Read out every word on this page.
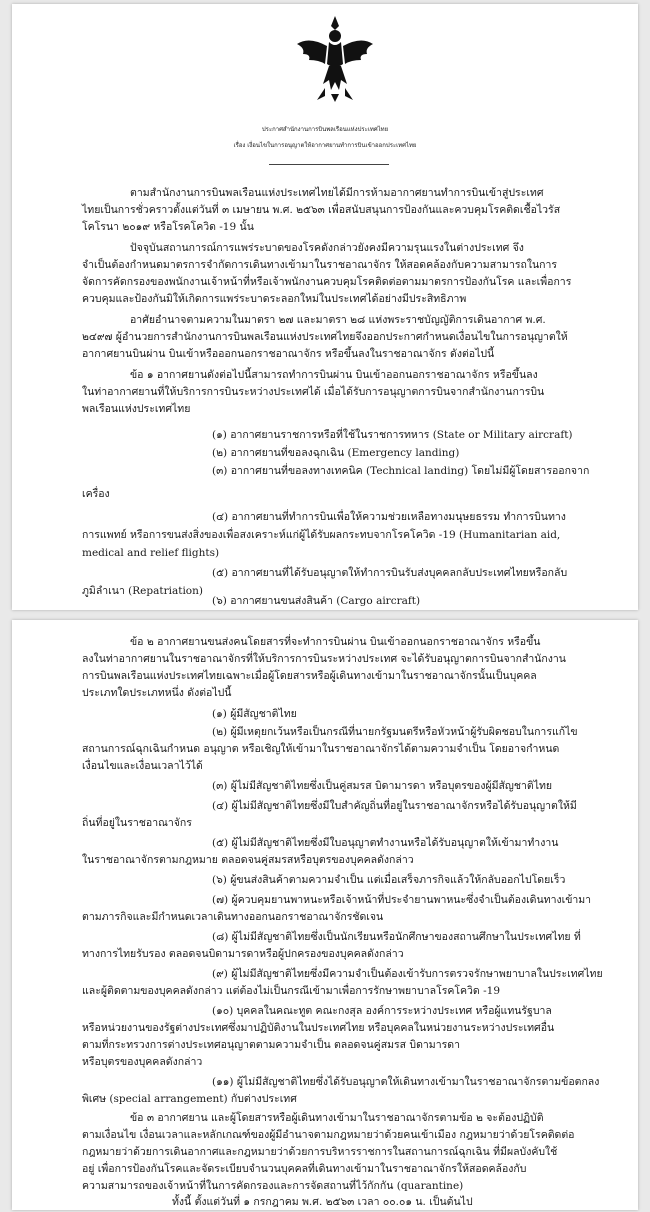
ประกาศสำนักงานการบินพลเรือนแห่งประเทศไทย
เรื่อง เงื่อนไขในการอนุญาตให้อากาศยานทำการบินเข้าออกประเทศไทย
ตามสำนักงานการบินพลเรือนแห่งประเทศไทยได้มีการห้ามอากาศยานทำการบินเข้าสู่ประเทศ
ไทยเป็นการชั่วคราวตั้งแต่วันที่ ๓ เมษายน พ.ศ. ๒๕๖๓ เพื่อสนับสนุนการป้องกันและควบคุมโรคติดเชื้อไวรัส
โคโรนา ๒๐๑๙ หรือโรคโควิด -19 นั้น
ปัจจุบันสถานการณ์การแพร่ระบาดของโรคดังกล่าวยังคงมีความรุนแรงในต่างประเทศ จึง
จำเป็นต้องกำหนดมาตรการจำกัดการเดินทางเข้ามาในราชอาณาจักร ให้สอดคล้องกับความสามารถในการ
จัดการคัดกรองของพนักงานเจ้าหน้าที่หรือเจ้าพนักงานควบคุมโรคติดต่อตามมาตรการป้องกันโรค และเพื่อการ
ควบคุมและป้องกันมิให้เกิดการแพร่ระบาดระลอกใหม่ในประเทศได้อย่างมีประสิทธิภาพ
อาศัยอำนาจตามความในมาตรา ๒๗ และมาตรา ๒๘ แห่งพระราชบัญญัติการเดินอากาศ พ.ศ.
๒๔๙๗ ผู้อำนวยการสำนักงานการบินพลเรือนแห่งประเทศไทยจึงออกประกาศกำหนดเงื่อนไขในการอนุญาตให้
อากาศยานบินผ่าน บินเข้าหรือออกนอกราชอาณาจักร หรือขึ้นลงในราชอาณาจักร ดังต่อไปนี้
ข้อ ๑ อากาศยานดังต่อไปนี้สามารถทำการบินผ่าน บินเข้าออกนอกราชอาณาจักร หรือขึ้นลง
ในท่าอากาศยานที่ให้บริการการบินระหว่างประเทศได้ เมื่อได้รับการอนุญาตการบินจากสำนักงานการบิน
พลเรือนแห่งประเทศไทย
(๑) อากาศยานราชการหรือที่ใช้ในราชการทหาร (State or Military aircraft)
(๒) อากาศยานที่ขอลงฉุกเฉิน (Emergency landing)
(๓) อากาศยานที่ขอลงทางเทคนิค (Technical landing) โดยไม่มีผู้โดยสารออกจาก
เครื่อง
(๔) อากาศยานที่ทำการบินเพื่อให้ความช่วยเหลือทางมนุษยธรรม ทำการบินทาง
การแพทย์ หรือการขนส่งสิ่งของเพื่อสงเคราะห์แก่ผู้ได้รับผลกระทบจากโรคโควิด -19 (Humanitarian aid,
medical and relief flights)
(๕) อากาศยานที่ได้รับอนุญาตให้ทำการบินรับส่งบุคคลกลับประเทศไทยหรือกลับ
ภูมิลำเนา (Repatriation)
(๖) อากาศยานขนส่งสินค้า (Cargo aircraft)
ข้อ ๒ อากาศยานขนส่งคนโดยสารที่จะทำการบินผ่าน บินเข้าออกนอกราชอาณาจักร หรือขึ้น
ลงในท่าอากาศยานในราชอาณาจักรที่ให้บริการการบินระหว่างประเทศ จะได้รับอนุญาตการบินจากสำนักงาน
การบินพลเรือนแห่งประเทศไทยเฉพาะเมื่อผู้โดยสารหรือผู้เดินทางเข้ามาในราชอาณาจักรนั้นเป็นบุคคล
ประเภทใดประเภทหนึ่ง ดังต่อไปนี้
(๑) ผู้มีสัญชาติไทย
(๒) ผู้มีเหตุยกเว้นหรือเป็นกรณีที่นายกรัฐมนตรีหรือหัวหน้าผู้รับผิดชอบในการแก้ไข
สถานการณ์ฉุกเฉินกำหนด อนุญาต หรือเชิญให้เข้ามาในราชอาณาจักรได้ตามความจำเป็น โดยอาจกำหนด
เงื่อนไขและเงื่อนเวลาไว้ได้
(๓) ผู้ไม่มีสัญชาติไทยซึ่งเป็นคู่สมรส บิดามารดา หรือบุตรของผู้มีสัญชาติไทย
(๔) ผู้ไม่มีสัญชาติไทยซึ่งมีใบสำคัญถิ่นที่อยู่ในราชอาณาจักรหรือได้รับอนุญาตให้มี
ถิ่นที่อยู่ในราชอาณาจักร
(๕) ผู้ไม่มีสัญชาติไทยซึ่งมีใบอนุญาตทำงานหรือได้รับอนุญาตให้เข้ามาทำงาน
ในราชอาณาจักรตามกฎหมาย ตลอดจนคู่สมรสหรือบุตรของบุคคลดังกล่าว
(๖) ผู้ขนส่งสินค้าตามความจำเป็น แต่เมื่อเสร็จภารกิจแล้วให้กลับออกไปโดยเร็ว
(๗) ผู้ควบคุมยานพาหนะหรือเจ้าหน้าที่ประจำยานพาหนะซึ่งจำเป็นต้องเดินทางเข้ามา
ตามภารกิจและมีกำหนดเวลาเดินทางออกนอกราชอาณาจักรชัดเจน
(๘) ผู้ไม่มีสัญชาติไทยซึ่งเป็นนักเรียนหรือนักศึกษาของสถานศึกษาในประเทศไทย ที่
ทางการไทยรับรอง ตลอดจนบิดามารดาหรือผู้ปกครองของบุคคลดังกล่าว
(๙) ผู้ไม่มีสัญชาติไทยซึ่งมีความจำเป็นต้องเข้ารับการตรวจรักษาพยาบาลในประเทศไทย
และผู้ติดตามของบุคคลดังกล่าว แต่ต้องไม่เป็นกรณีเข้ามาเพื่อการรักษาพยาบาลโรคโควิด -19
(๑๐) บุคคลในคณะทูต คณะกงสุล องค์การระหว่างประเทศ หรือผู้แทนรัฐบาล
หรือหน่วยงานของรัฐต่างประเทศซึ่งมาปฏิบัติงานในประเทศไทย หรือบุคคลในหน่วยงานระหว่างประเทศอื่น
ตามที่กระทรวงการต่างประเทศอนุญาตตามความจำเป็น ตลอดจนคู่สมรส บิดามารดา
หรือบุตรของบุคคลดังกล่าว
(๑๑) ผู้ไม่มีสัญชาติไทยซึ่งได้รับอนุญาตให้เดินทางเข้ามาในราชอาณาจักรตามข้อตกลง
พิเศษ (special arrangement) กับต่างประเทศ
ข้อ ๓ อากาศยาน และผู้โดยสารหรือผู้เดินทางเข้ามาในราชอาณาจักรตามข้อ ๒ จะต้องปฏิบัติ
ตามเงื่อนไข เงื่อนเวลาและหลักเกณฑ์ของผู้มีอำนาจตามกฎหมายว่าด้วยคนเข้าเมือง กฎหมายว่าด้วยโรคติดต่อ
กฎหมายว่าด้วยการเดินอากาศและกฎหมายว่าด้วยการบริหารราชการในสถานการณ์ฉุกเฉิน ที่มีผลบังคับใช้
อยู่ เพื่อการป้องกันโรคและจัดระเบียบจำนวนบุคคลที่เดินทางเข้ามาในราชอาณาจักรให้สอดคล้องกับ
ความสามารถของเจ้าหน้าที่ในการคัดกรองและการจัดสถานที่ไว้กักกัน (quarantine)
ทั้งนี้ ตั้งแต่วันที่ ๑ กรกฎาคม พ.ศ. ๒๕๖๓ เวลา ๐๐.๐๑ น. เป็นต้นไป
